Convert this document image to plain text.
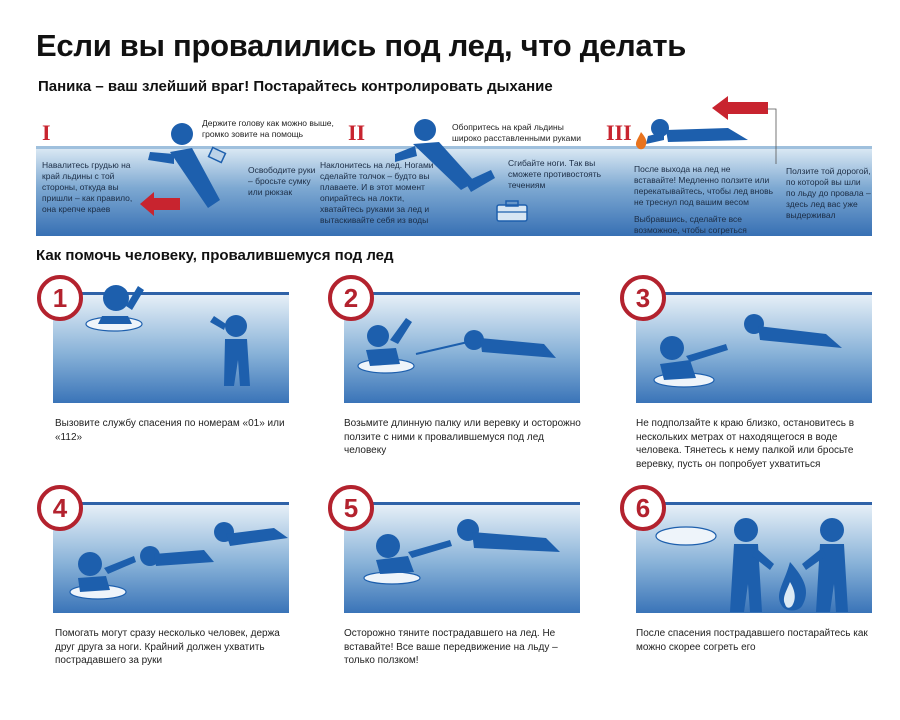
Если вы провалились под лед, что делать
Паника – ваш злейший враг! Постарайтесь контролировать дыхание
I	II	III
Держите голову как можно выше, громко зовите на помощь
Навалитесь грудью на край льдины с той стороны, откуда вы пришли – как правило, она крепче краев
Освободите руки – бросьте сумку или рюкзак
Обопритесь на край льдины широко расставленными руками
Наклонитесь на лед. Ногами сделайте толчок – будто вы плаваете. И в этот момент опирайтесь на локти, хватайтесь руками за лед и вытаскивайте себя из воды
Сгибайте ноги. Так вы сможете противостоять течениям
После выхода на лед не вставайте! Медленно ползите или перекатывайтесь, чтобы лед вновь не треснул под вашим весом
Выбравшись, сделайте все возможное, чтобы согреться
Ползите той дорогой, по которой вы шли по льду до провала – здесь лед вас уже выдерживал
Как помочь человеку, провалившемуся под лед
1	2	3
4	5	6
Вызовите службу спасения по номерам «01» или «112»
Возьмите длинную палку или веревку и осторожно ползите с ними к провалившемуся под лед человеку
Не подползайте к краю близко, остановитесь в нескольких метрах от находящегося в воде человека. Тянетесь к нему палкой или бросьте веревку, пусть он попробует ухватиться
Помогать могут сразу несколько человек, держа друг друга за ноги. Крайний должен ухватить пострадавшего за руки
Осторожно тяните пострадавшего на лед. Не вставайте! Все ваше передвижение на льду – только ползком!
После спасения пострадавшего постарайтесь как можно скорее согреть его
